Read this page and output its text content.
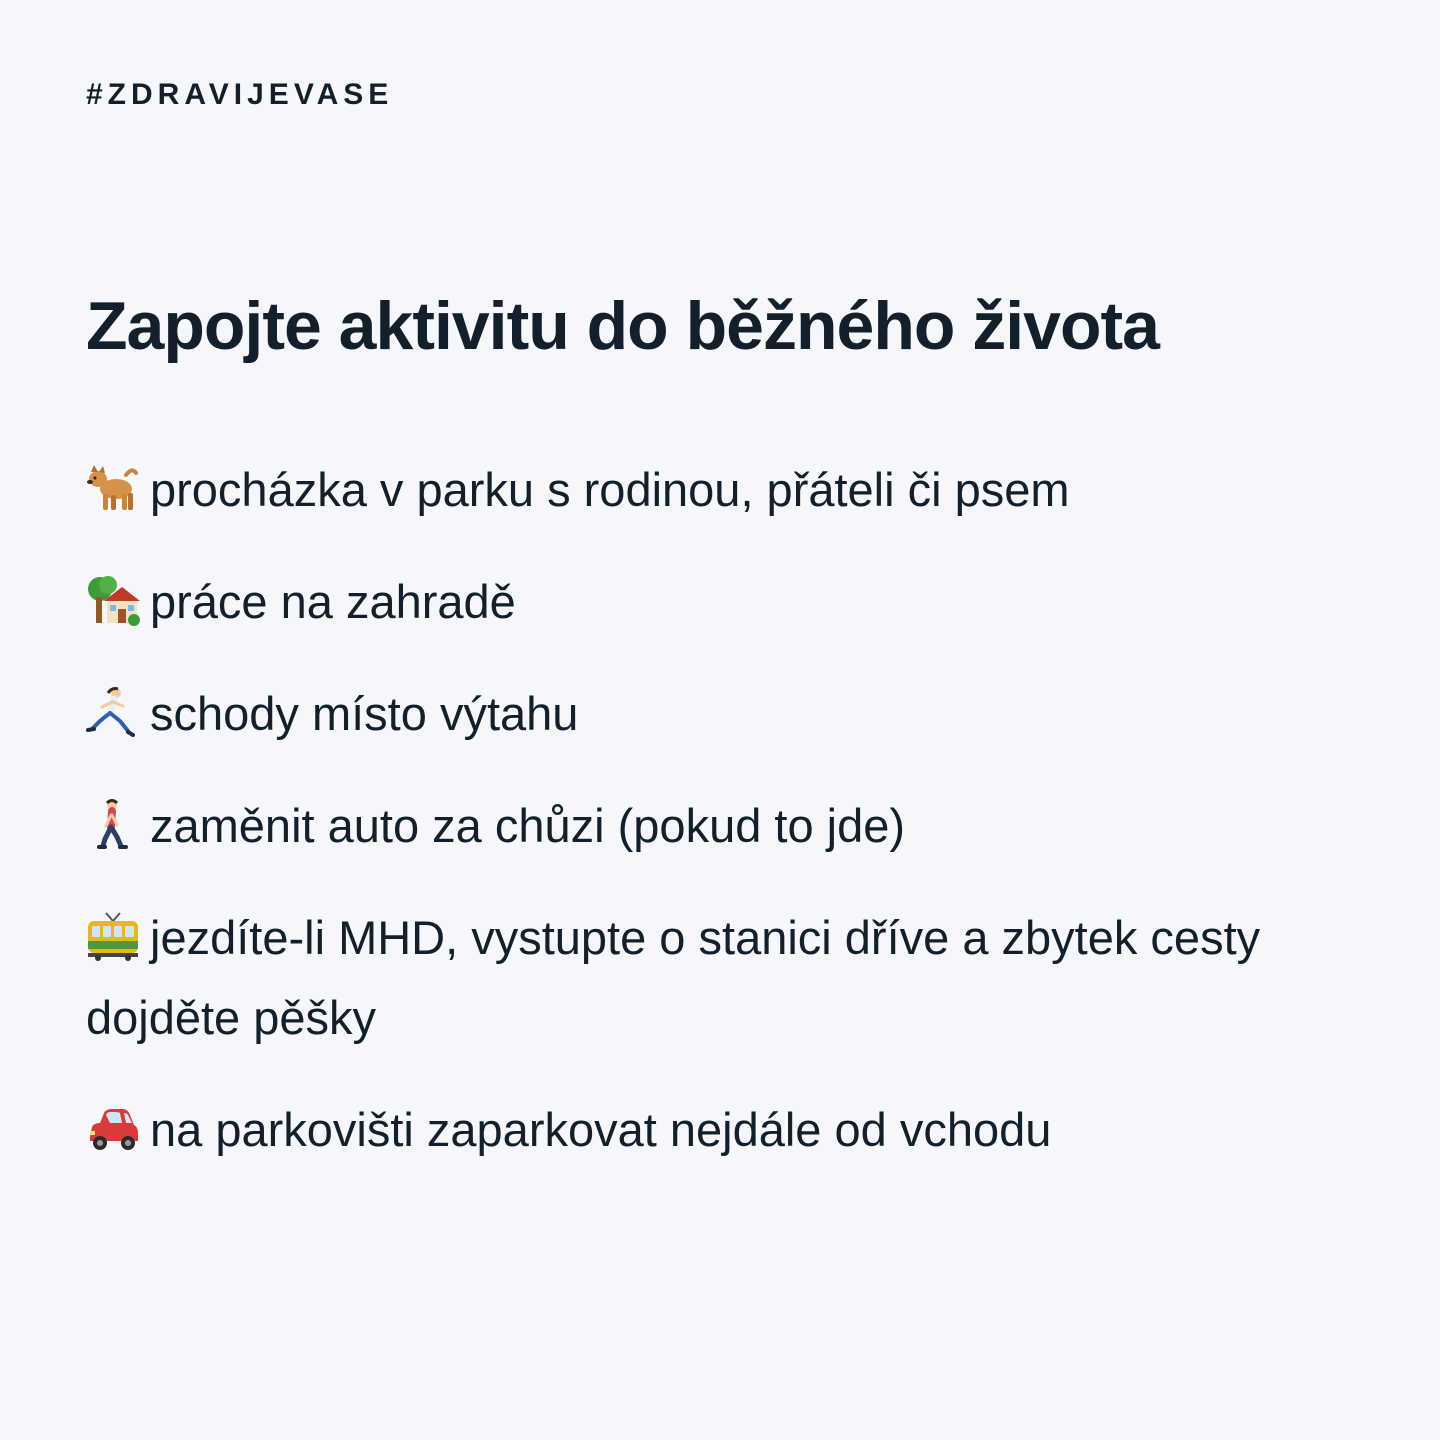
#ZDRAVIJEVASE
Zapojte aktivitu do běžného života
procházka v parku s rodinou, přáteli či psem
práce na zahradě
schody místo výtahu
zaměnit auto za chůzi (pokud to jde)
jezdíte-li MHD, vystupte o stanici dříve a zbytek cesty dojděte pěšky
na parkovišti zaparkovat nejdále od vchodu
